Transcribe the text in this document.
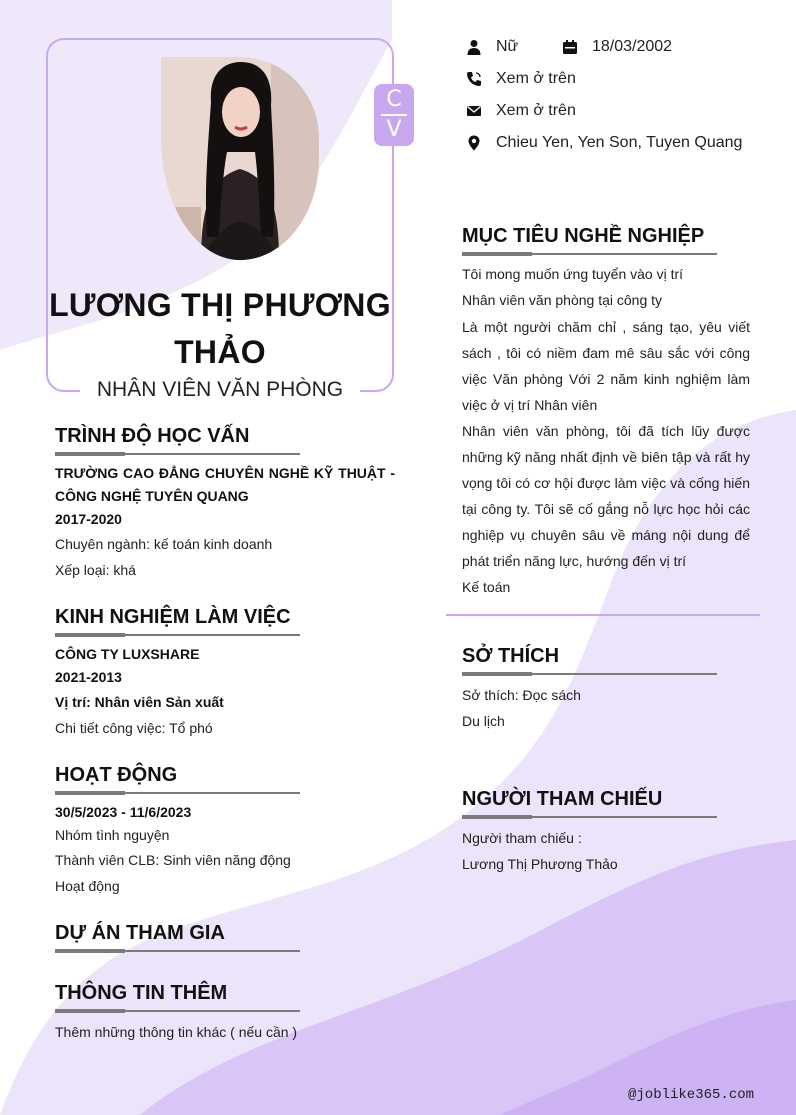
C
V
LƯƠNG THỊ PHƯƠNG
THẢO
NHÂN VIÊN VĂN PHÒNG
Nữ	18/03/2002
Xem ở trên
Xem ở trên
Chieu Yen, Yen Son, Tuyen Quang
TRÌNH ĐỘ HỌC VẤN
TRƯỜNG CAO ĐẲNG CHUYÊN NGHỀ KỸ THUẬT -
CÔNG NGHỆ TUYÊN QUANG
2017-2020
Chuyên ngành: kế toán kinh doanh
Xếp loại: khá
KINH NGHIỆM LÀM VIỆC
CÔNG TY LUXSHARE
2021-2013
Vị trí: Nhân viên Sản xuất
Chi tiết công việc: Tổ phó
HOẠT ĐỘNG
30/5/2023 - 11/6/2023
Nhóm tình nguyện
Thành viên CLB: Sinh viên năng động
Hoạt động
DỰ ÁN THAM GIA
THÔNG TIN THÊM
Thêm những thông tin khác ( nếu cần )
MỤC TIÊU NGHỀ NGHIỆP
Tôi mong muốn ứng tuyển vào vị trí
Nhân viên văn phòng tại công ty
Là một người chăm chỉ , sáng tạo, yêu viết
sách , tôi có niềm đam mê sâu sắc với công
việc Văn phòng Với 2 năm kinh nghiệm làm
việc ở vị trí Nhân viên
Nhân viên văn phòng, tôi đã tích lũy được
những kỹ năng nhất định về biên tập và rất hy
vọng tôi có cơ hội được làm việc và cống hiến
tại công ty. Tôi sẽ cố gắng nỗ lực học hỏi các
nghiệp vụ chuyên sâu về máng nội dung để
phát triển năng lực, hướng đến vị trí
Kế toán
SỞ THÍCH
Sở thích: Đọc sách
Du lịch
NGƯỜI THAM CHIẾU
Người tham chiếu :
Lương Thị Phương Thảo
@joblike365.com
